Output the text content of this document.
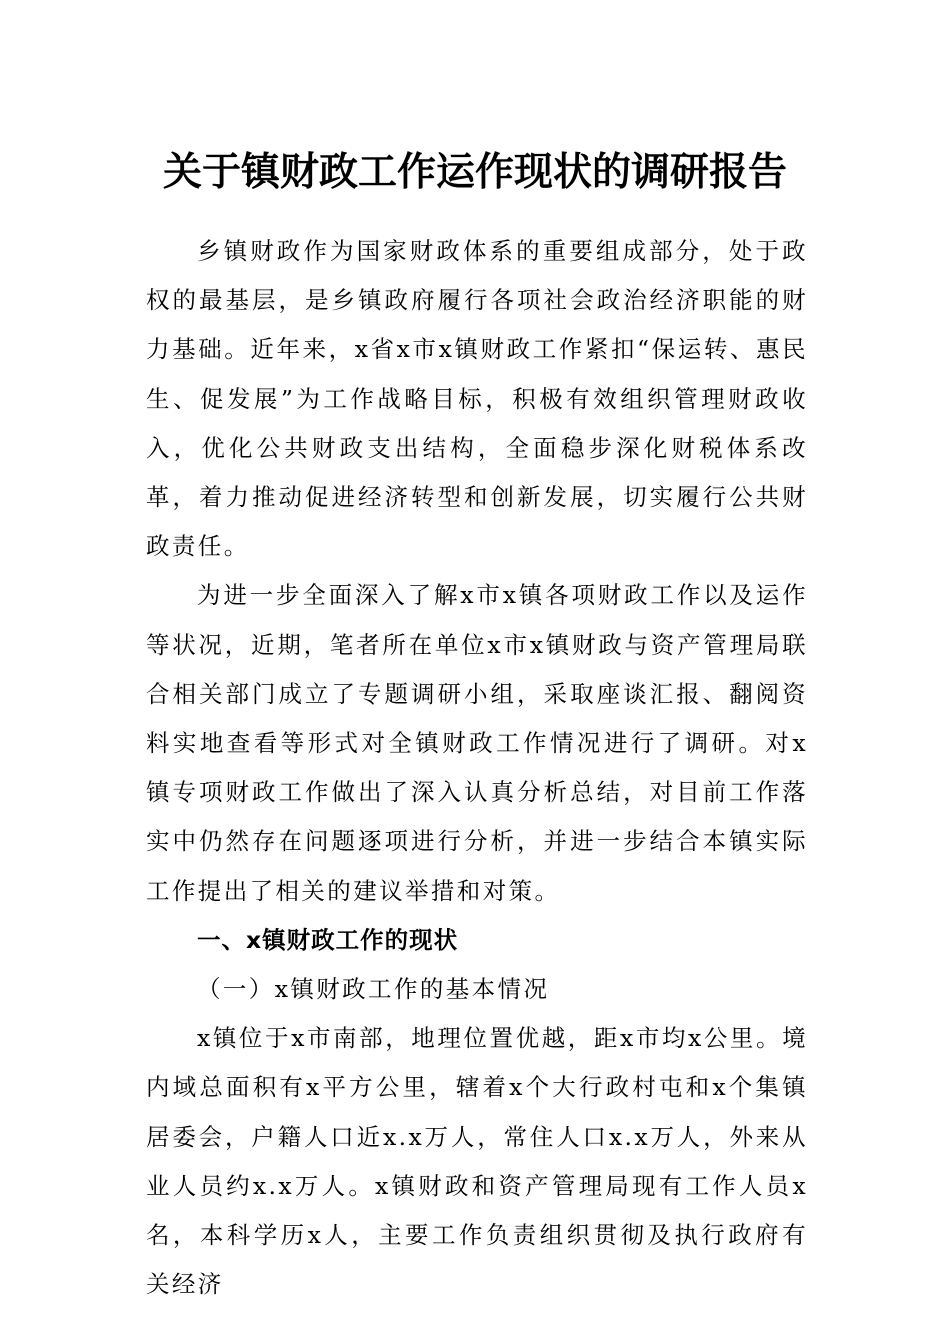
关于镇财政工作运作现状的调研报告

乡镇财政作为国家财政体系的重要组成部分，处于政权的最基层，是乡镇政府履行各项社会政治经济职能的财力基础。近年来，x省x市x镇财政工作紧扣“保运转、惠民生、促发展”为工作战略目标，积极有效组织管理财政收入，优化公共财政支出结构，全面稳步深化财税体系改革，着力推动促进经济转型和创新发展，切实履行公共财政责任。

为进一步全面深入了解x市x镇各项财政工作以及运作等状况，近期，笔者所在单位x市x镇财政与资产管理局联合相关部门成立了专题调研小组，采取座谈汇报、翻阅资料实地查看等形式对全镇财政工作情况进行了调研。对x镇专项财政工作做出了深入认真分析总结，对目前工作落实中仍然存在问题逐项进行分析，并进一步结合本镇实际工作提出了相关的建议举措和对策。

一、x镇财政工作的现状

（一）x镇财政工作的基本情况

x镇位于x市南部，地理位置优越，距x市均x公里。境内域总面积有x平方公里，辖着x个大行政村屯和x个集镇居委会，户籍人口近x.x万人，常住人口x.x万人，外来从业人员约x.x万人。x镇财政和资产管理局现有工作人员x名，本科学历x人，主要工作负责组织贯彻及执行政府有关经济
